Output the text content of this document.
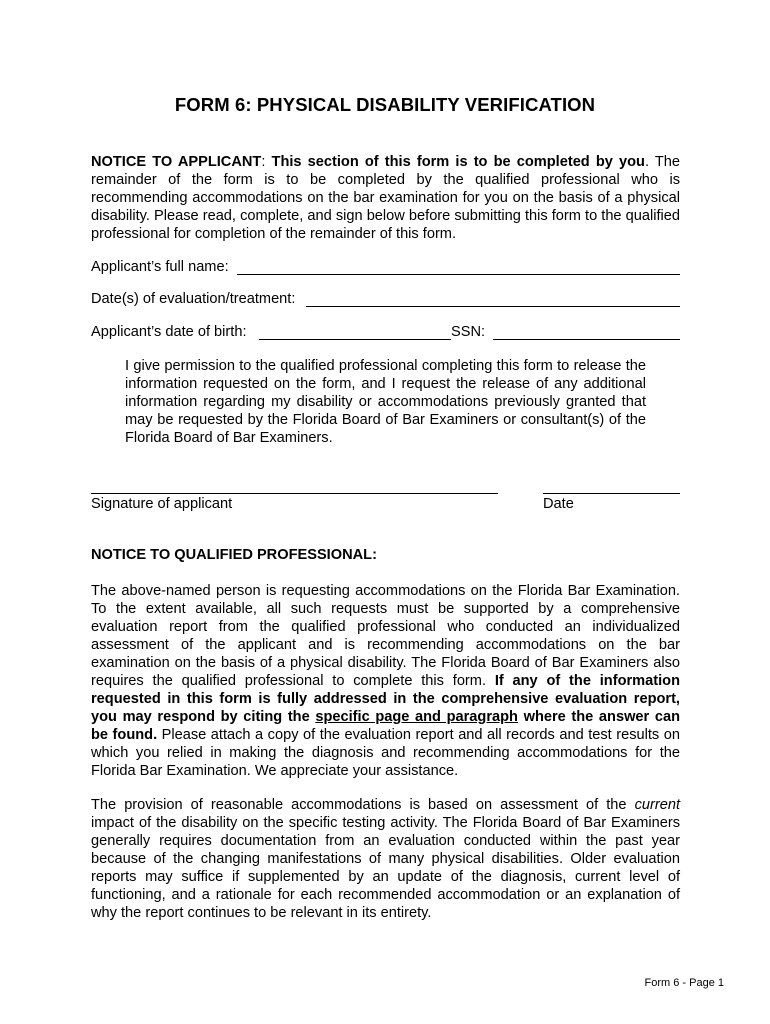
FORM 6: PHYSICAL DISABILITY VERIFICATION

NOTICE TO APPLICANT: This section of this form is to be completed by you. The remainder of the form is to be completed by the qualified professional who is recommending accommodations on the bar examination for you on the basis of a physical disability. Please read, complete, and sign below before submitting this form to the qualified professional for completion of the remainder of this form.

Applicant’s full name:
Date(s) of evaluation/treatment:
Applicant’s date of birth:	SSN:

I give permission to the qualified professional completing this form to release the information requested on the form, and I request the release of any additional information regarding my disability or accommodations previously granted that may be requested by the Florida Board of Bar Examiners or consultant(s) of the Florida Board of Bar Examiners.

Signature of applicant	Date
NOTICE TO QUALIFIED PROFESSIONAL:

The above-named person is requesting accommodations on the Florida Bar Examination. To the extent available, all such requests must be supported by a comprehensive evaluation report from the qualified professional who conducted an individualized assessment of the applicant and is recommending accommodations on the bar examination on the basis of a physical disability. The Florida Board of Bar Examiners also requires the qualified professional to complete this form. If any of the information requested in this form is fully addressed in the comprehensive evaluation report, you may respond by citing the specific page and paragraph where the answer can be found. Please attach a copy of the evaluation report and all records and test results on which you relied in making the diagnosis and recommending accommodations for the Florida Bar Examination. We appreciate your assistance.

The provision of reasonable accommodations is based on assessment of the current impact of the disability on the specific testing activity. The Florida Board of Bar Examiners generally requires documentation from an evaluation conducted within the past year because of the changing manifestations of many physical disabilities. Older evaluation reports may suffice if supplemented by an update of the diagnosis, current level of functioning, and a rationale for each recommended accommodation or an explanation of why the report continues to be relevant in its entirety.

Form 6 - Page 1
